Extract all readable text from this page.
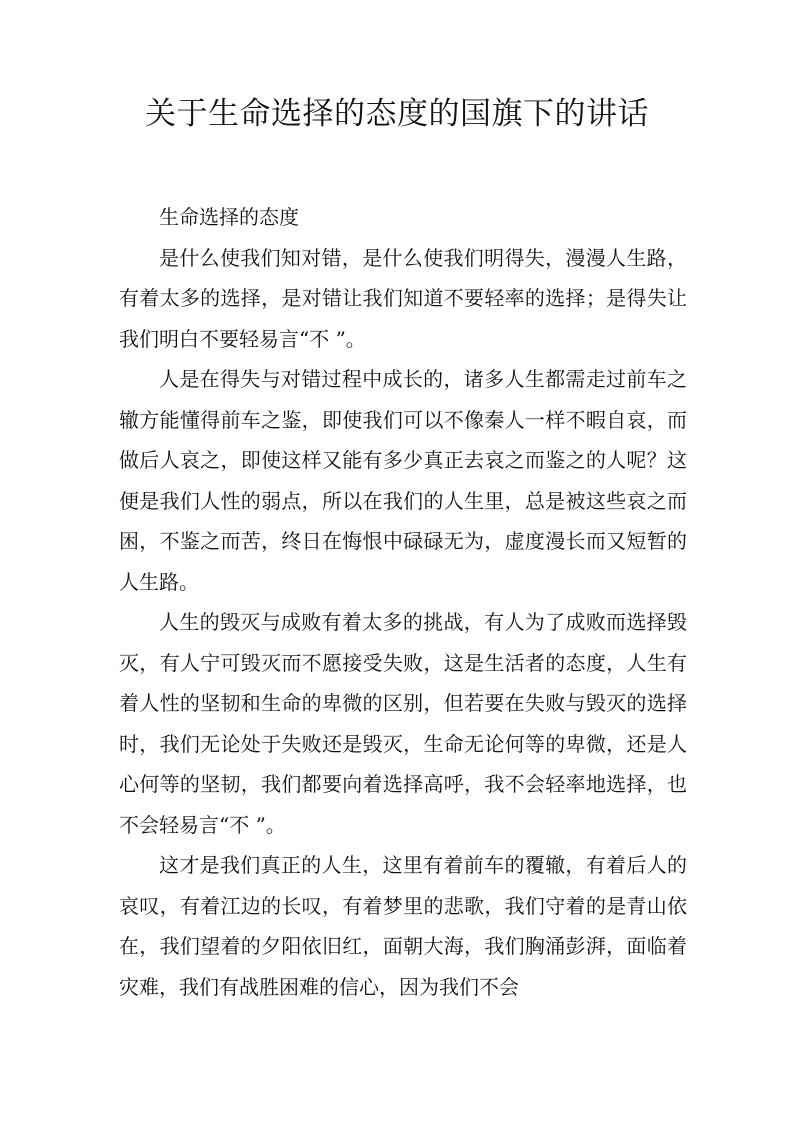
关于生命选择的态度的国旗下的讲话

生命选择的态度

是什么使我们知对错，是什么使我们明得失，漫漫人生路，有着太多的选择，是对错让我们知道不要轻率的选择；是得失让我们明白不要轻易言“不 ”。

人是在得失与对错过程中成长的，诸多人生都需走过前车之辙方能懂得前车之鉴，即使我们可以不像秦人一样不暇自哀，而做后人哀之，即使这样又能有多少真正去哀之而鉴之的人呢？这便是我们人性的弱点，所以在我们的人生里，总是被这些哀之而困，不鉴之而苦，终日在悔恨中碌碌无为，虚度漫长而又短暂的人生路。

人生的毁灭与成败有着太多的挑战，有人为了成败而选择毁灭，有人宁可毁灭而不愿接受失败，这是生活者的态度，人生有着人性的坚韧和生命的卑微的区别，但若要在失败与毁灭的选择时，我们无论处于失败还是毁灭，生命无论何等的卑微，还是人心何等的坚韧，我们都要向着选择高呼，我不会轻率地选择，也不会轻易言“不 ”。

这才是我们真正的人生，这里有着前车的覆辙，有着后人的哀叹，有着江边的长叹，有着梦里的悲歌，我们守着的是青山依在，我们望着的夕阳依旧红，面朝大海，我们胸涌彭湃，面临着灾难，我们有战胜困难的信心，因为我们不会
